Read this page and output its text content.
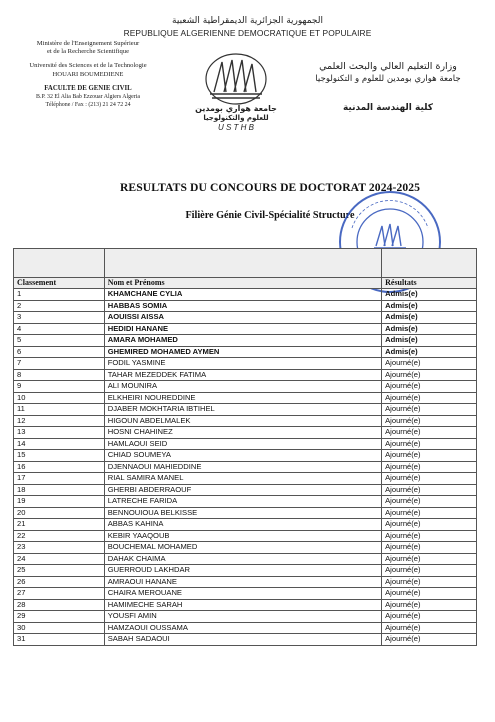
الجمهورية الجزائرية الديمقراطية الشعبية
REPUBLIQUE ALGERIENNE DEMOCRATIQUE ET POPULAIRE
Ministère de l'Enseignement Supérieur
et de la Recherche Scientifique
Université des Sciences et de la Technologie
HOUARI BOUMEDIENE
FACULTE DE GENIE CIVIL
B.P. 32 El Alia Bab Ezzouar Algiers Algeria
Téléphone / Fax : (213) 21 24 72 24	جامعة هواري بومدين
للعلوم والتكنولوجيا
U S T H B
وزارة التعليم العالي والبحث العلمي
جامعة هواري بومدين للعلوم و التكنولوجيا
كلية الهندسة المدنية
RESULTATS DU CONCOURS DE DOCTORAT 2024-2025
Filière Génie Civil-Spécialité Structure

Classement	Nom et Prénoms	Résultats
1	KHAMCHANE CYLIA	Admis(e)
2	HABBAS SOMIA	Admis(e)
3	AOUISSI AISSA	Admis(e)
4	HEDIDI HANANE	Admis(e)
5	AMARA MOHAMED	Admis(e)
6	GHEMIRED MOHAMED AYMEN	Admis(e)
7	FODIL YASMINE	Ajourné(e)
8	TAHAR MEZEDDEK FATIMA	Ajourné(e)
9	ALI MOUNIRA	Ajourné(e)
10	ELKHEIRI NOUREDDINE	Ajourné(e)
11	DJABER MOKHTARIA IBTIHEL	Ajourné(e)
12	HIGOUN ABDELMALEK	Ajourné(e)
13	HOSNI CHAHINEZ	Ajourné(e)
14	HAMLAOUI SEID	Ajourné(e)
15	CHIAD SOUMEYA	Ajourné(e)
16	DJENNAOUI MAHIEDDINE	Ajourné(e)
17	RIAL SAMIRA MANEL	Ajourné(e)
18	GHERBI ABDERRAOUF	Ajourné(e)
19	LATRECHE FARIDA	Ajourné(e)
20	BENNOUIOUA BELKISSE	Ajourné(e)
21	ABBAS KAHINA	Ajourné(e)
22	KEBIR YAAQOUB	Ajourné(e)
23	BOUCHEMAL MOHAMED	Ajourné(e)
24	DAHAK CHAIMA	Ajourné(e)
25	GUERROUD LAKHDAR	Ajourné(e)
26	AMRAOUI HANANE	Ajourné(e)
27	CHAIRA MEROUANE	Ajourné(e)
28	HAMIMECHE SARAH	Ajourné(e)
29	YOUSFI AMIN	Ajourné(e)
30	HAMZAOUI OUSSAMA	Ajourné(e)
31	SABAH SADAOUI	Ajourné(e)
